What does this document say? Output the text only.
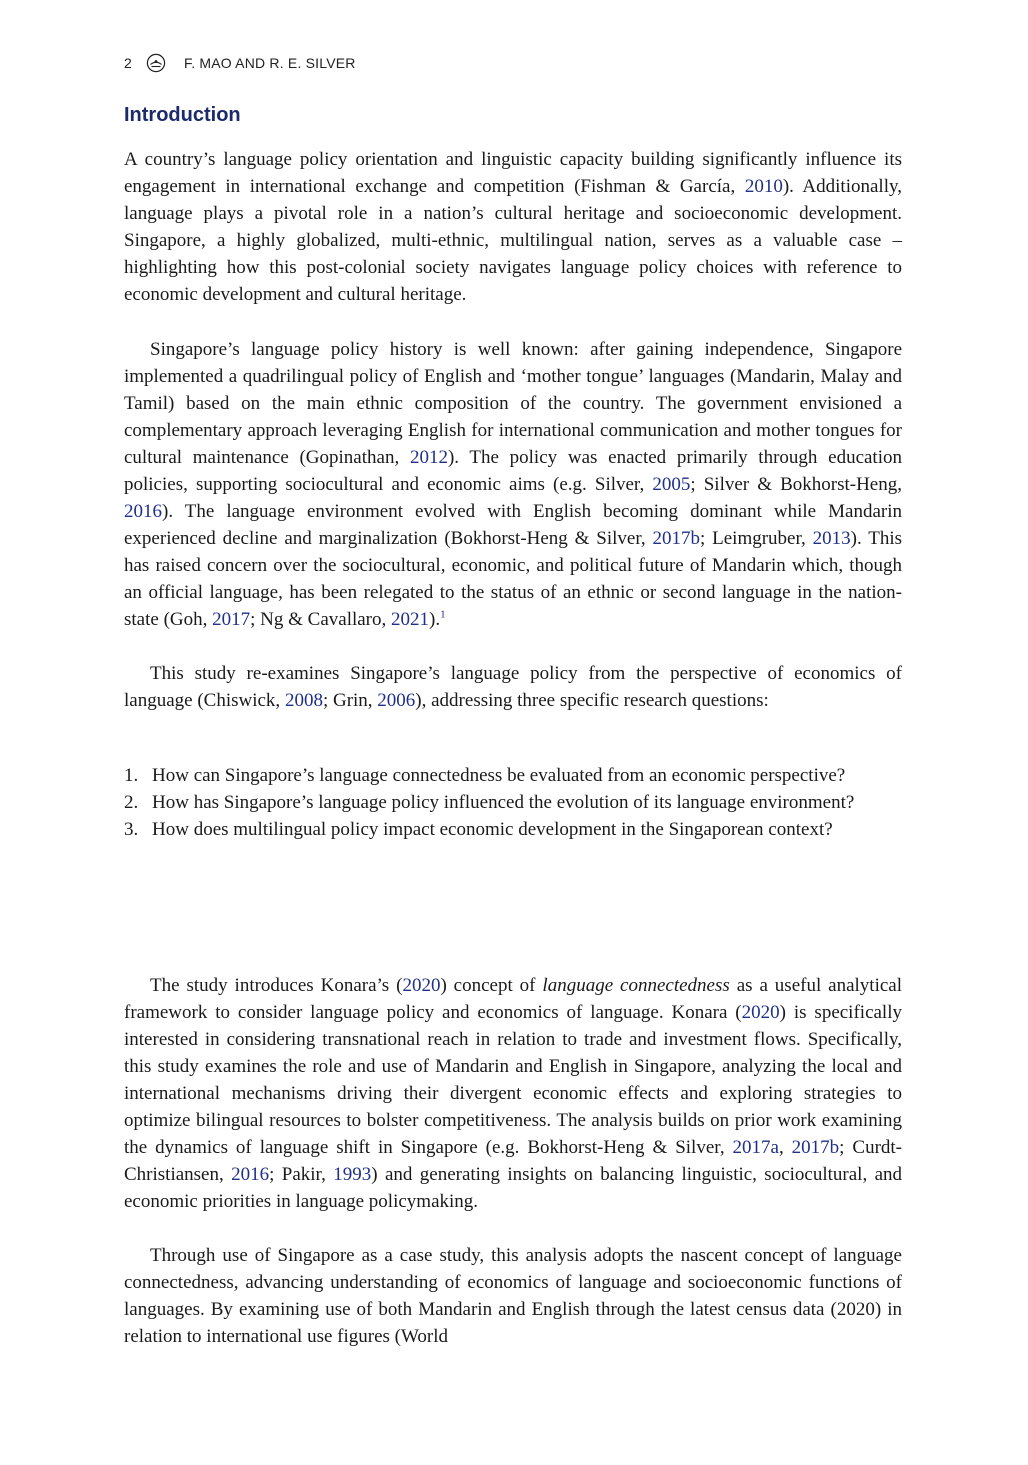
2	F. MAO AND R. E. SILVER
Introduction

A country’s language policy orientation and linguistic capacity building significantly influence its engagement in international exchange and competition (Fishman & García, 2010). Additionally, language plays a pivotal role in a nation’s cultural heritage and socioeconomic development. Singapore, a highly globalized, multi-ethnic, multilingual nation, serves as a valuable case – highlighting how this post-colonial society navigates language policy choices with reference to economic development and cultural heritage.

Singapore’s language policy history is well known: after gaining independence, Singapore implemented a quadrilingual policy of English and ‘mother tongue’ languages (Mandarin, Malay and Tamil) based on the main ethnic composition of the country. The government envisioned a complementary approach leveraging English for international communication and mother tongues for cultural maintenance (Gopinathan, 2012). The policy was enacted primarily through education policies, supporting sociocultural and economic aims (e.g. Silver, 2005; Silver & Bokhorst-Heng, 2016). The language environment evolved with English becoming dominant while Mandarin experienced decline and marginalization (Bokhorst-Heng & Silver, 2017b; Leimgruber, 2013). This has raised concern over the sociocultural, economic, and political future of Mandarin which, though an official language, has been relegated to the status of an ethnic or second language in the nation-state (Goh, 2017; Ng & Cavallaro, 2021).$^1$

This study re-examines Singapore’s language policy from the perspective of economics of language (Chiswick, 2008; Grin, 2006), addressing three specific research questions:

1. How can Singapore’s language connectedness be evaluated from an economic perspective?
2. How has Singapore’s language policy influenced the evolution of its language environment?
3. How does multilingual policy impact economic development in the Singaporean context?

The study introduces Konara’s (2020) concept of language connectedness as a useful analytical framework to consider language policy and economics of language. Konara (2020) is specifically interested in considering transnational reach in relation to trade and investment flows. Specifically, this study examines the role and use of Mandarin and English in Singapore, analyzing the local and international mechanisms driving their divergent economic effects and exploring strategies to optimize bilingual resources to bolster competitiveness. The analysis builds on prior work examining the dynamics of language shift in Singapore (e.g. Bokhorst-Heng & Silver, 2017a, 2017b; Curdt-Christiansen, 2016; Pakir, 1993) and generating insights on balancing linguistic, sociocultural, and economic priorities in language policymaking.

Through use of Singapore as a case study, this analysis adopts the nascent concept of language connectedness, advancing understanding of economics of language and socioeconomic functions of languages. By examining use of both Mandarin and English through the latest census data (2020) in relation to international use figures (World
